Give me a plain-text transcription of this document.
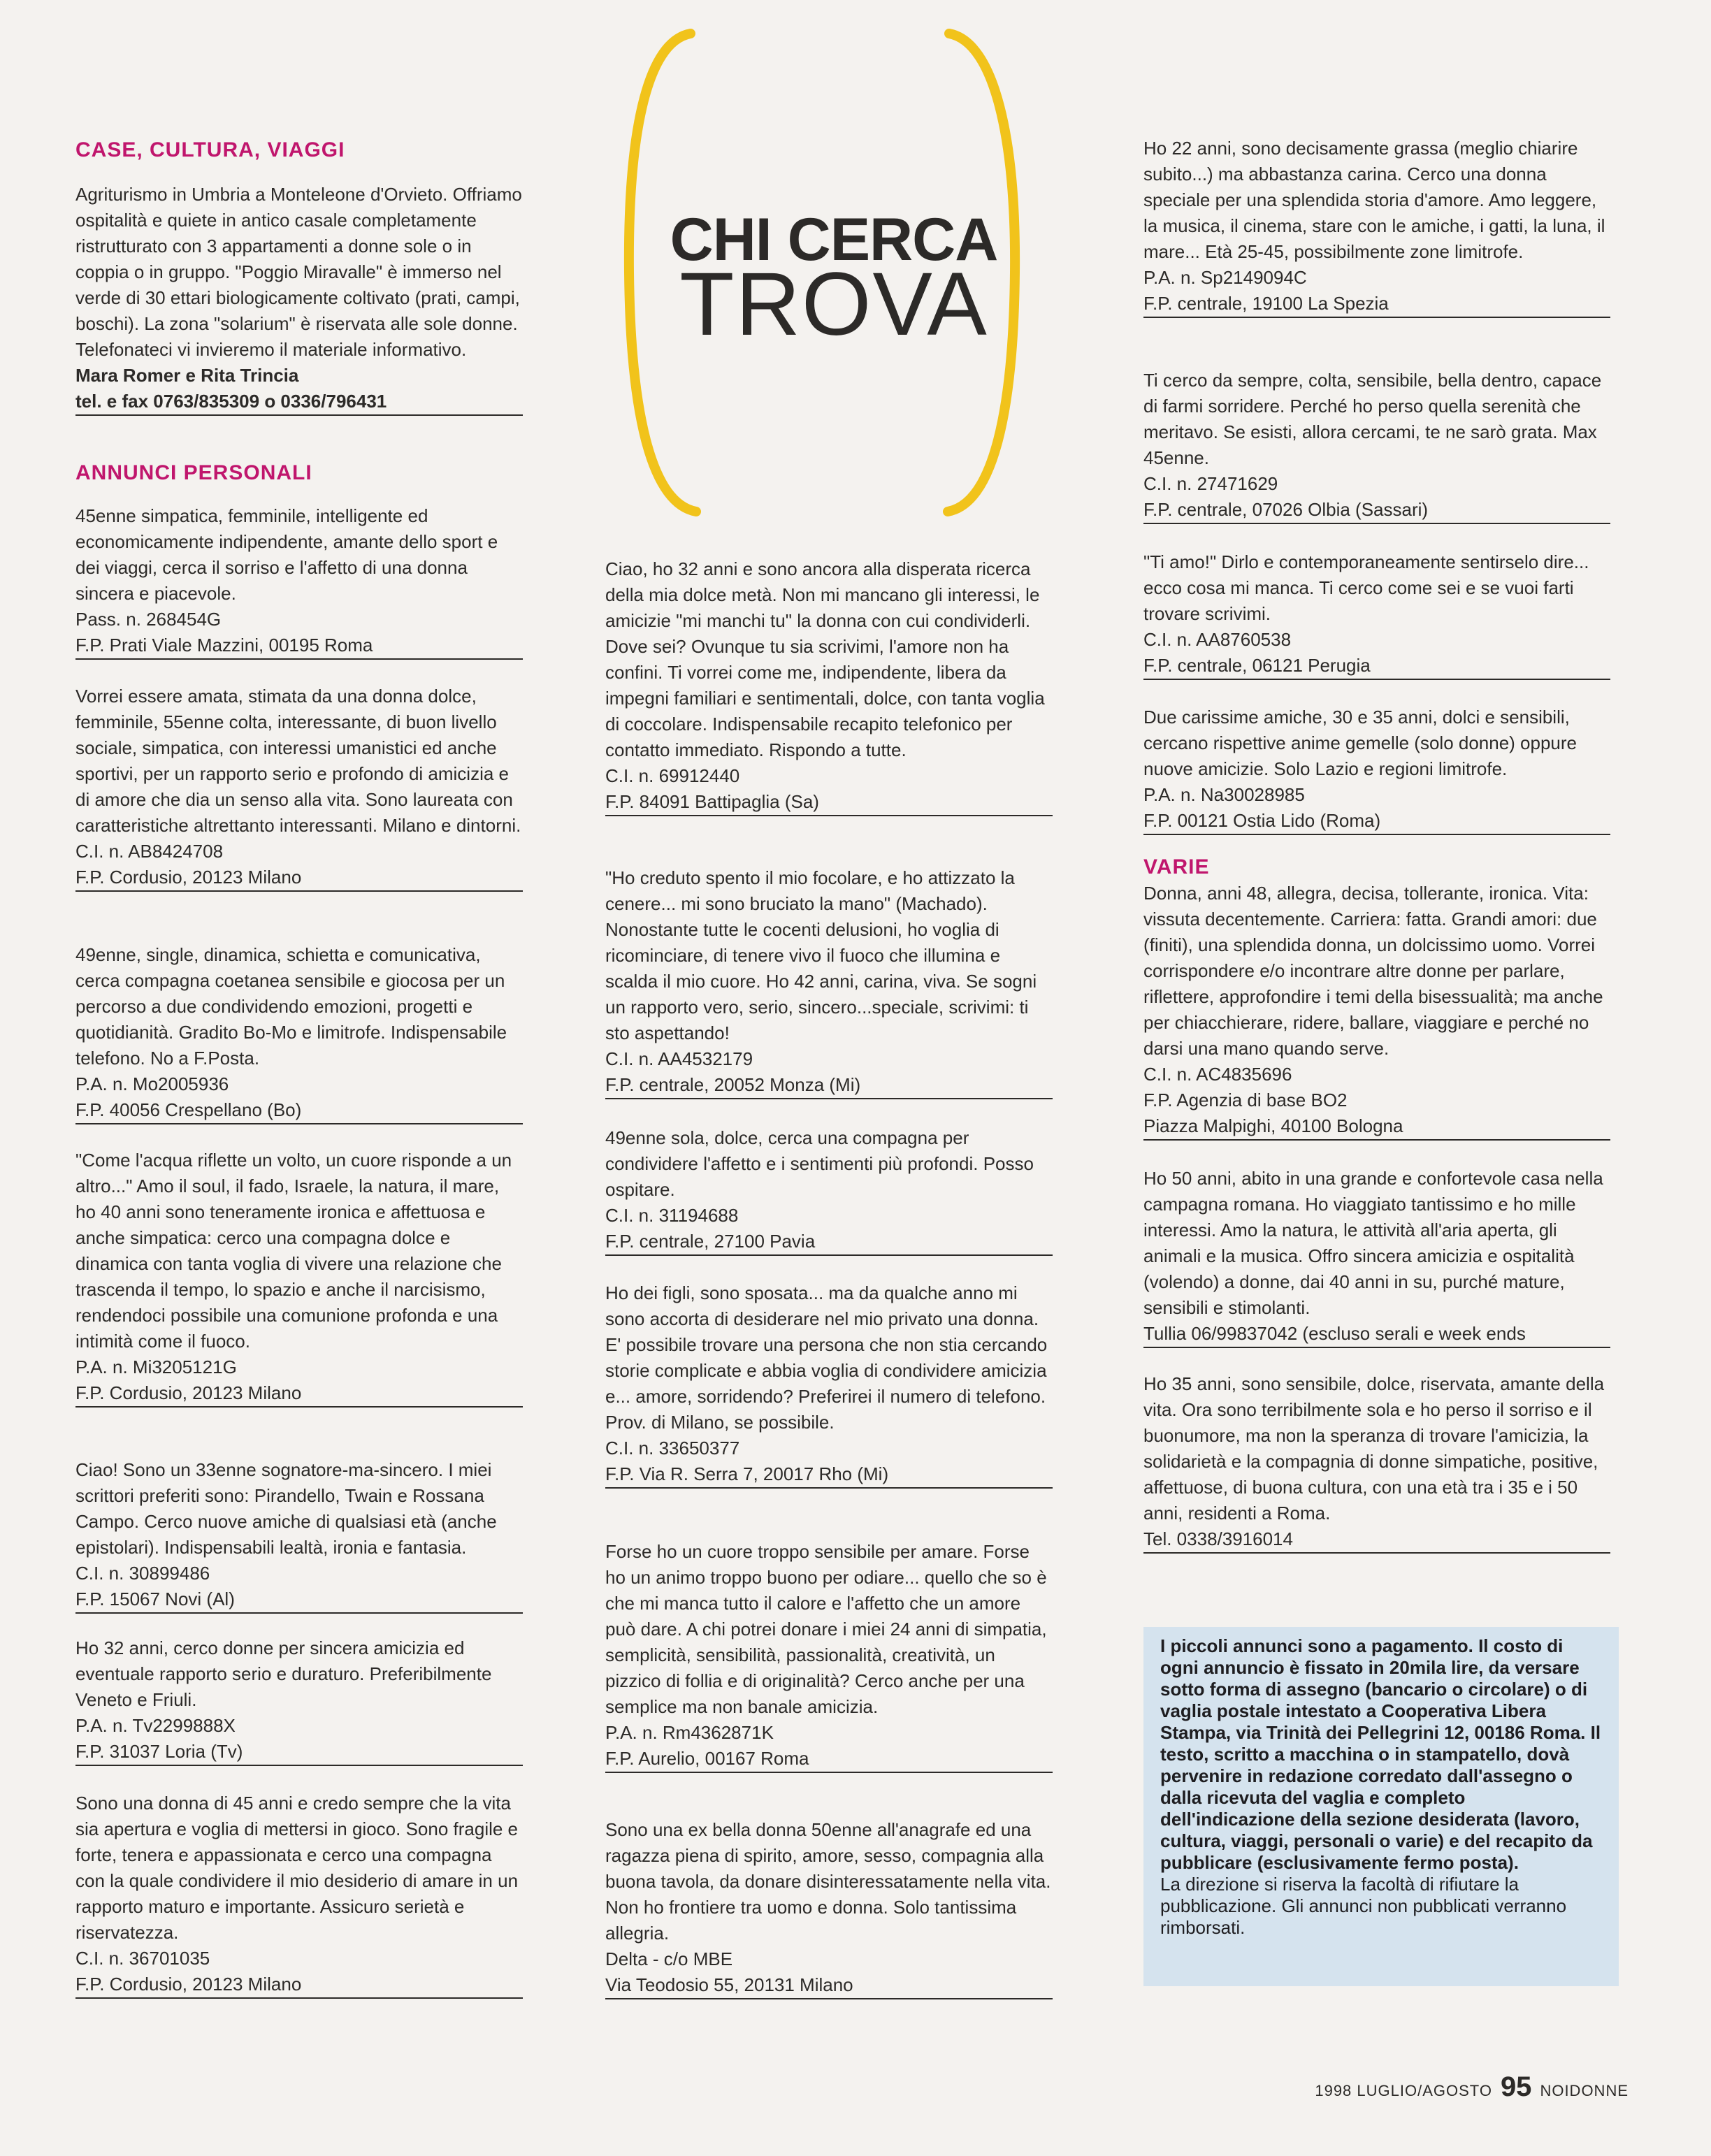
CHI CERCA
TROVA
CASE, CULTURA, VIAGGI

Agriturismo in Umbria a Monteleone d'Orvieto. Offriamo ospitalità e quiete in antico casale completamente ristrutturato con 3 appartamenti a donne sole o in coppia o in gruppo. "Poggio Miravalle" è immerso nel verde di 30 ettari biologicamente coltivato (prati, campi, boschi). La zona "solarium" è riservata alle sole donne. Telefonateci vi invieremo il materiale informativo.

Mara Romer e Rita Trincia

tel. e fax 0763/835309 o 0336/796431
ANNUNCI PERSONALI

45enne simpatica, femminile, intelligente ed economicamente indipendente, amante dello sport e dei viaggi, cerca il sorriso e l'affetto di una donna sincera e piacevole.

Pass. n. 268454G

F.P. Prati Viale Mazzini, 00195 Roma

Vorrei essere amata, stimata da una donna dolce, femminile, 55enne colta, interessante, di buon livello sociale, simpatica, con interessi umanistici ed anche sportivi, per un rapporto serio e profondo di amicizia e di amore che dia un senso alla vita. Sono laureata con caratteristiche altrettanto interessanti. Milano e dintorni.

C.I. n. AB8424708

F.P. Cordusio, 20123 Milano

49enne, single, dinamica, schietta e comunicativa, cerca compagna coetanea sensibile e giocosa per un percorso a due condividendo emozioni, progetti e quotidianità. Gradito Bo-Mo e limitrofe. Indispensabile telefono. No a F.Posta.

P.A. n. Mo2005936

F.P. 40056 Crespellano (Bo)

"Come l'acqua riflette un volto, un cuore risponde a un altro..." Amo il soul, il fado, Israele, la natura, il mare, ho 40 anni sono teneramente ironica e affettuosa e anche simpatica: cerco una compagna dolce e dinamica con tanta voglia di vivere una relazione che trascenda il tempo, lo spazio e anche il narcisismo, rendendoci possibile una comunione profonda e una intimità come il fuoco.

P.A. n. Mi3205121G

F.P. Cordusio, 20123 Milano

Ciao! Sono un 33enne sognatore-ma-sincero. I miei scrittori preferiti sono: Pirandello, Twain e Rossana Campo. Cerco nuove amiche di qualsiasi età (anche epistolari). Indispensabili lealtà, ironia e fantasia.

C.I. n. 30899486

F.P. 15067 Novi (Al)

Ho 32 anni, cerco donne per sincera amicizia ed eventuale rapporto serio e duraturo. Preferibilmente Veneto e Friuli.

P.A. n. Tv2299888X

F.P. 31037 Loria (Tv)

Sono una donna di 45 anni e credo sempre che la vita sia apertura e voglia di mettersi in gioco. Sono fragile e forte, tenera e appassionata e cerco una compagna con la quale condividere il mio desiderio di amare in un rapporto maturo e importante. Assicuro serietà e riservatezza.

C.I. n. 36701035

F.P. Cordusio, 20123 Milano

Ciao, ho 32 anni e sono ancora alla disperata ricerca della mia dolce metà. Non mi mancano gli interessi, le amicizie "mi manchi tu" la donna con cui condividerli. Dove sei? Ovunque tu sia scrivimi, l'amore non ha confini. Ti vorrei come me, indipendente, libera da impegni familiari e sentimentali, dolce, con tanta voglia di coccolare. Indispensabile recapito telefonico per contatto immediato. Rispondo a tutte.

C.I. n. 69912440

F.P. 84091 Battipaglia (Sa)

"Ho creduto spento il mio focolare, e ho attizzato la cenere... mi sono bruciato la mano" (Machado). Nonostante tutte le cocenti delusioni, ho voglia di ricominciare, di tenere vivo il fuoco che illumina e scalda il mio cuore. Ho 42 anni, carina, viva. Se sogni un rapporto vero, serio, sincero...speciale, scrivimi: ti sto aspettando!

C.I. n. AA4532179

F.P. centrale, 20052 Monza (Mi)

49enne sola, dolce, cerca una compagna per condividere l'affetto e i sentimenti più profondi. Posso ospitare.

C.I. n. 31194688

F.P. centrale, 27100 Pavia

Ho dei figli, sono sposata... ma da qualche anno mi sono accorta di desiderare nel mio privato una donna. E' possibile trovare una persona che non stia cercando storie complicate e abbia voglia di condividere amicizia e... amore, sorridendo? Preferirei il numero di telefono. Prov. di Milano, se possibile.

C.I. n. 33650377

F.P. Via R. Serra 7, 20017 Rho (Mi)

Forse ho un cuore troppo sensibile per amare. Forse ho un animo troppo buono per odiare... quello che so è che mi manca tutto il calore e l'affetto che un amore può dare. A chi potrei donare i miei 24 anni di simpatia, semplicità, sensibilità, passionalità, creatività, un pizzico di follia e di originalità? Cerco anche per una semplice ma non banale amicizia.

P.A. n. Rm4362871K

F.P. Aurelio, 00167 Roma

Sono una ex bella donna 50enne all'anagrafe ed una ragazza piena di spirito, amore, sesso, compagnia alla buona tavola, da donare disinteressatamente nella vita. Non ho frontiere tra uomo e donna. Solo tantissima allegria.

Delta - c/o MBE

Via Teodosio 55, 20131 Milano

Ho 22 anni, sono decisamente grassa (meglio chiarire subito...) ma abbastanza carina. Cerco una donna speciale per una splendida storia d'amore. Amo leggere, la musica, il cinema, stare con le amiche, i gatti, la luna, il mare... Età 25-45, possibilmente zone limitrofe.

P.A. n. Sp2149094C

F.P. centrale, 19100 La Spezia

Ti cerco da sempre, colta, sensibile, bella dentro, capace di farmi sorridere. Perché ho perso quella serenità che meritavo. Se esisti, allora cercami, te ne sarò grata. Max 45enne.

C.I. n. 27471629

F.P. centrale, 07026 Olbia (Sassari)

"Ti amo!" Dirlo e contemporaneamente sentirselo dire... ecco cosa mi manca. Ti cerco come sei e se vuoi farti trovare scrivimi.

C.I. n. AA8760538

F.P. centrale, 06121 Perugia

Due carissime amiche, 30 e 35 anni, dolci e sensibili, cercano rispettive anime gemelle (solo donne) oppure nuove amicizie. Solo Lazio e regioni limitrofe.

P.A. n. Na30028985

F.P. 00121 Ostia Lido (Roma)
VARIE

Donna, anni 48, allegra, decisa, tollerante, ironica. Vita: vissuta decentemente. Carriera: fatta. Grandi amori: due (finiti), una splendida donna, un dolcissimo uomo. Vorrei corrispondere e/o incontrare altre donne per parlare, riflettere, approfondire i temi della bisessualità; ma anche per chiacchierare, ridere, ballare, viaggiare e perché no darsi una mano quando serve.

C.I. n. AC4835696

F.P. Agenzia di base BO2

Piazza Malpighi, 40100 Bologna

Ho 50 anni, abito in una grande e confortevole casa nella campagna romana. Ho viaggiato tantissimo e ho mille interessi. Amo la natura, le attività all'aria aperta, gli animali e la musica. Offro sincera amicizia e ospitalità (volendo) a donne, dai 40 anni in su, purché mature, sensibili e stimolanti.

Tullia 06/99837042 (escluso serali e week ends

Ho 35 anni, sono sensibile, dolce, riservata, amante della vita. Ora sono terribilmente sola e ho perso il sorriso e il buonumore, ma non la speranza di trovare l'amicizia, la solidarietà e la compagnia di donne simpatiche, positive, affettuose, di buona cultura, con una età tra i 35 e i 50 anni, residenti a Roma.

Tel. 0338/3916014

I piccoli annunci sono a pagamento. Il costo di ogni annuncio è fissato in 20mila lire, da versare sotto forma di assegno (bancario o circolare) o di vaglia postale intestato a Cooperativa Libera Stampa, via Trinità dei Pellegrini 12, 00186 Roma. Il testo, scritto a macchina o in stampatello, dovà pervenire in redazione corredato dall'assegno o dalla ricevuta del vaglia e completo dell'indicazione della sezione desiderata (lavoro, cultura, viaggi, personali o varie) e del recapito da pubblicare (esclusivamente fermo posta).

La direzione si riserva la facoltà di rifiutare la pubblicazione. Gli annunci non pubblicati verranno rimborsati.

1998 LUGLIO/AGOSTO 95 NOIDONNE
